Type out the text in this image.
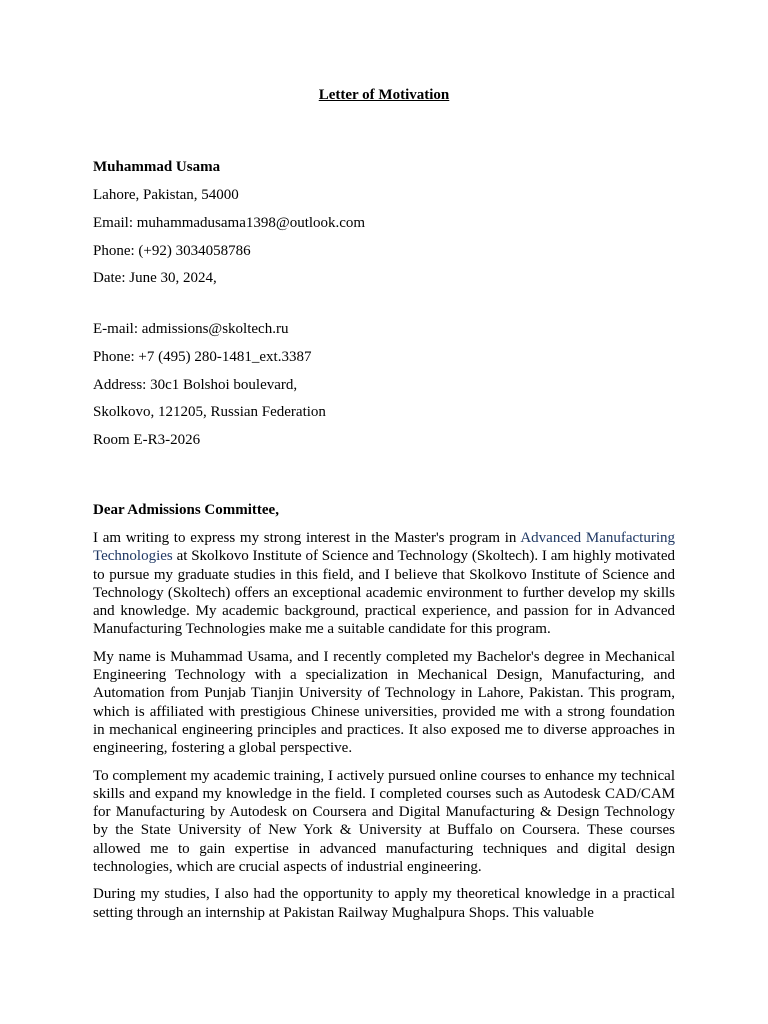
Letter of Motivation
Muhammad Usama
Lahore, Pakistan, 54000
Email: muhammadusama1398@outlook.com
Phone: (+92) 3034058786
Date: June 30, 2024,
E-mail: admissions@skoltech.ru
Phone: +7 (495) 280-1481_ext.3387
Address: 30c1 Bolshoi boulevard,
Skolkovo, 121205, Russian Federation
Room E-R3-2026
Dear Admissions Committee,

I am writing to express my strong interest in the Master's program in Advanced Manufacturing Technologies at Skolkovo Institute of Science and Technology (Skoltech). I am highly motivated to pursue my graduate studies in this field, and I believe that Skolkovo Institute of Science and Technology (Skoltech) offers an exceptional academic environment to further develop my skills and knowledge. My academic background, practical experience, and passion for in Advanced Manufacturing Technologies make me a suitable candidate for this program.

My name is Muhammad Usama, and I recently completed my Bachelor's degree in Mechanical Engineering Technology with a specialization in Mechanical Design, Manufacturing, and Automation from Punjab Tianjin University of Technology in Lahore, Pakistan. This program, which is affiliated with prestigious Chinese universities, provided me with a strong foundation in mechanical engineering principles and practices. It also exposed me to diverse approaches in engineering, fostering a global perspective.

To complement my academic training, I actively pursued online courses to enhance my technical skills and expand my knowledge in the field. I completed courses such as Autodesk CAD/CAM for Manufacturing by Autodesk on Coursera and Digital Manufacturing & Design Technology by the State University of New York & University at Buffalo on Coursera. These courses allowed me to gain expertise in advanced manufacturing techniques and digital design technologies, which are crucial aspects of industrial engineering.

During my studies, I also had the opportunity to apply my theoretical knowledge in a practical setting through an internship at Pakistan Railway Mughalpura Shops. This valuable
